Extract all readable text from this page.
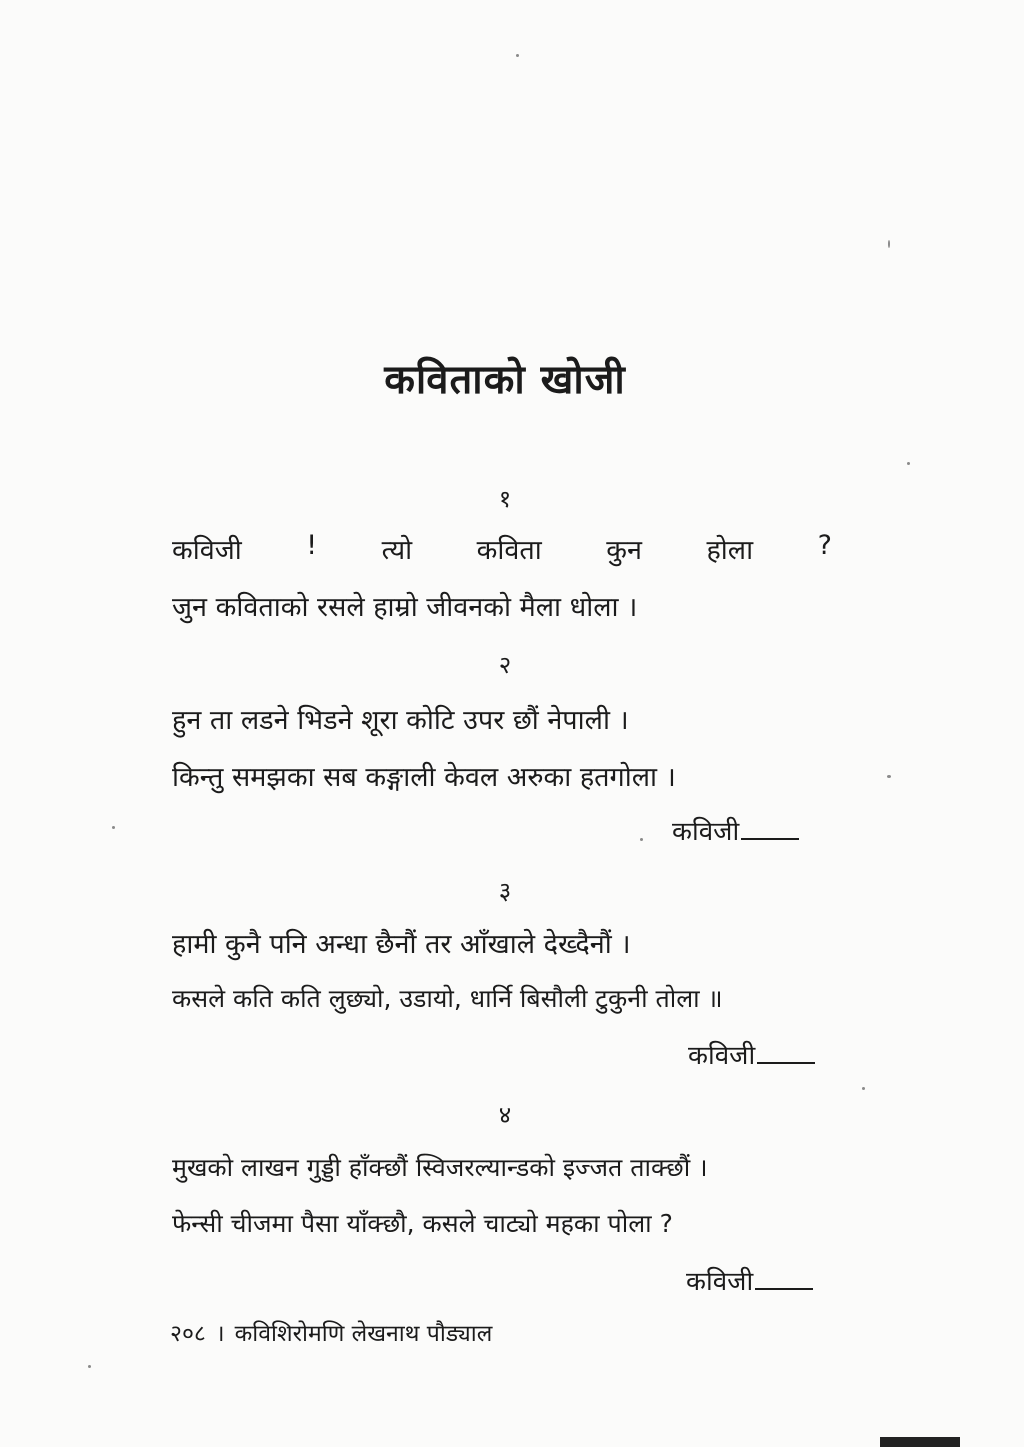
कविताको खोजी
१
कविजी ! त्यो कविता कुन होला ?
जुन कविताको रसले हाम्रो जीवनको मैला धोला ।
२
हुन ता लडने भिडने शूरा कोटि उपर छौं नेपाली ।
किन्तु समझका सब कङ्गाली केवल अरुका हतगोला ।
कविजी
३
हामी कुनै पनि अन्धा छैनौं तर आँखाले देख्दैनौं ।
कसले कति कति लुछ्यो, उडायो, धार्नि बिसौली टुकुनी तोला ॥
कविजी
४
मुखको लाखन गुड्डी हाँक्छौं स्विजरल्यान्डको इज्जत ताक्छौं ।
फेन्सी चीजमा पैसा याँक्छौ, कसले चाट्यो महका पोला ?
कविजी
२०८ । कविशिरोमणि लेखनाथ पौड्याल
